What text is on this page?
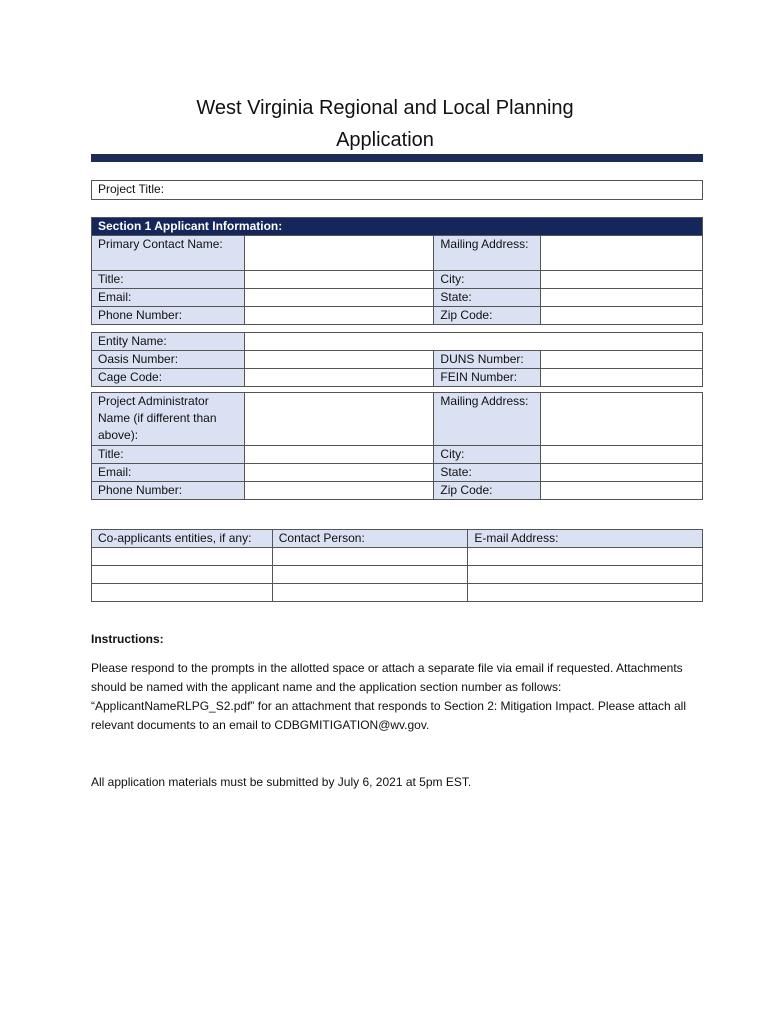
West Virginia Regional and Local Planning
Application
Project Title:
Section 1 Applicant Information:			
Primary Contact Name:		Mailing Address:	
Title:		City:	
Email:		State:	
Phone Number:		Zip Code:	
Entity Name:			
Oasis Number:		DUNS Number:	
Cage Code:		FEIN Number:	
Project Administrator Name (if different than above):		Mailing Address:	
Title:		City:	
Email:		State:	
Phone Number:		Zip Code:	
Co-applicants entities, if any:	Contact Person:	E-mail Address:

Instructions:
Please respond to the prompts in the allotted space or attach a separate file via email if requested. Attachments should be named with the applicant name and the application section number as follows: “ApplicantNameRLPG_S2.pdf” for an attachment that responds to Section 2: Mitigation Impact. Please attach all relevant documents to an email to CDBGMITIGATION@wv.gov.
All application materials must be submitted by July 6, 2021 at 5pm EST.
